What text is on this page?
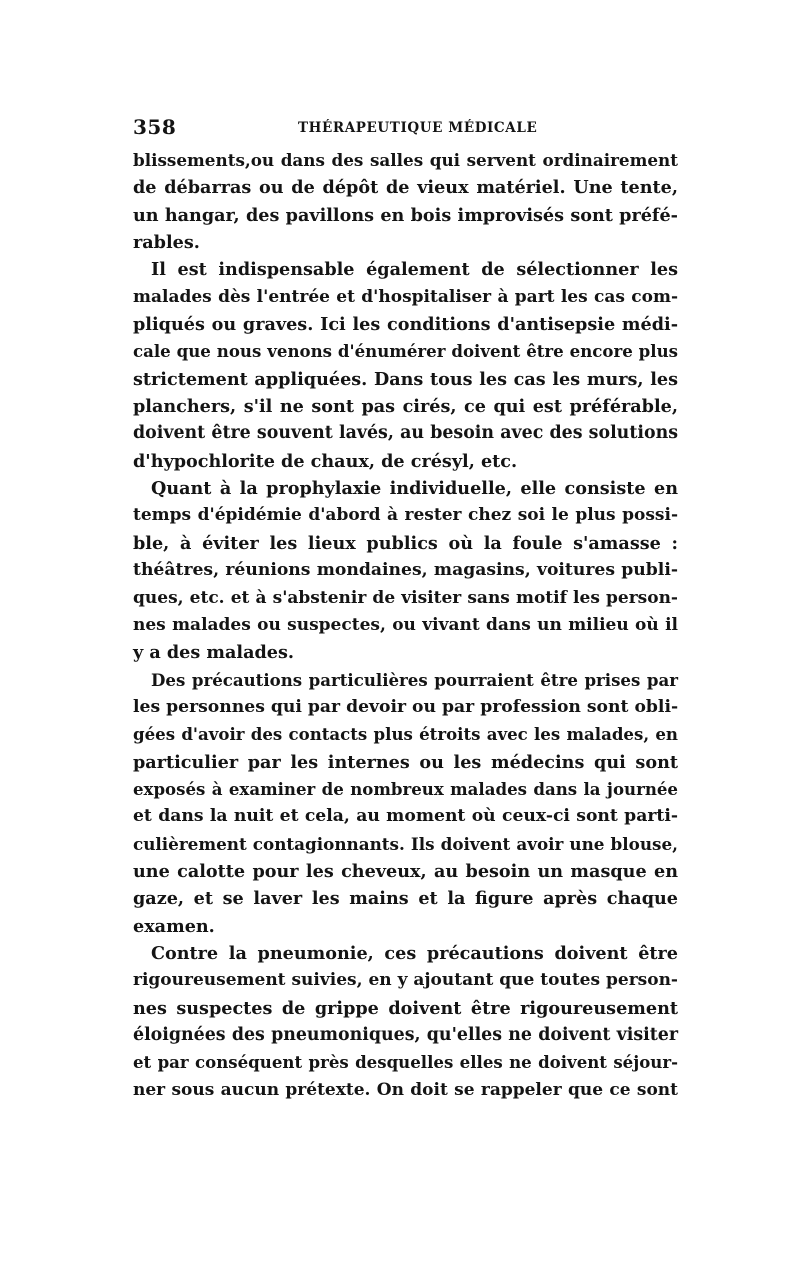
358	THÉRAPEUTIQUE MÉDICALE
blissements,ou dans des salles qui servent ordinairement
de débarras ou de dépôt de vieux matériel. Une tente,
un hangar, des pavillons en bois improvisés sont préfé-
rables.
Il est indispensable également de sélectionner les
malades dès l'entrée et d'hospitaliser à part les cas com-
pliqués ou graves. Ici les conditions d'antisepsie médi-
cale que nous venons d'énumérer doivent être encore plus
strictement appliquées. Dans tous les cas les murs, les
planchers, s'il ne sont pas cirés, ce qui est préférable,
doivent être souvent lavés, au besoin avec des solutions
d'hypochlorite de chaux, de crésyl, etc.
Quant à la prophylaxie individuelle, elle consiste en
temps d'épidémie d'abord à rester chez soi le plus possi-
ble, à éviter les lieux publics où la foule s'amasse :
théâtres, réunions mondaines, magasins, voitures publi-
ques, etc. et à s'abstenir de visiter sans motif les person-
nes malades ou suspectes, ou vivant dans un milieu où il
y a des malades.
Des précautions particulières pourraient être prises par
les personnes qui par devoir ou par profession sont obli-
gées d'avoir des contacts plus étroits avec les malades, en
particulier par les internes ou les médecins qui sont
exposés à examiner de nombreux malades dans la journée
et dans la nuit et cela, au moment où ceux-ci sont parti-
culièrement contagionnants. Ils doivent avoir une blouse,
une calotte pour les cheveux, au besoin un masque en
gaze, et se laver les mains et la figure après chaque
examen.
Contre la pneumonie, ces précautions doivent être
rigoureusement suivies, en y ajoutant que toutes person-
nes suspectes de grippe doivent être rigoureusement
éloignées des pneumoniques, qu'elles ne doivent visiter
et par conséquent près desquelles elles ne doivent séjour-
ner sous aucun prétexte. On doit se rappeler que ce sont
